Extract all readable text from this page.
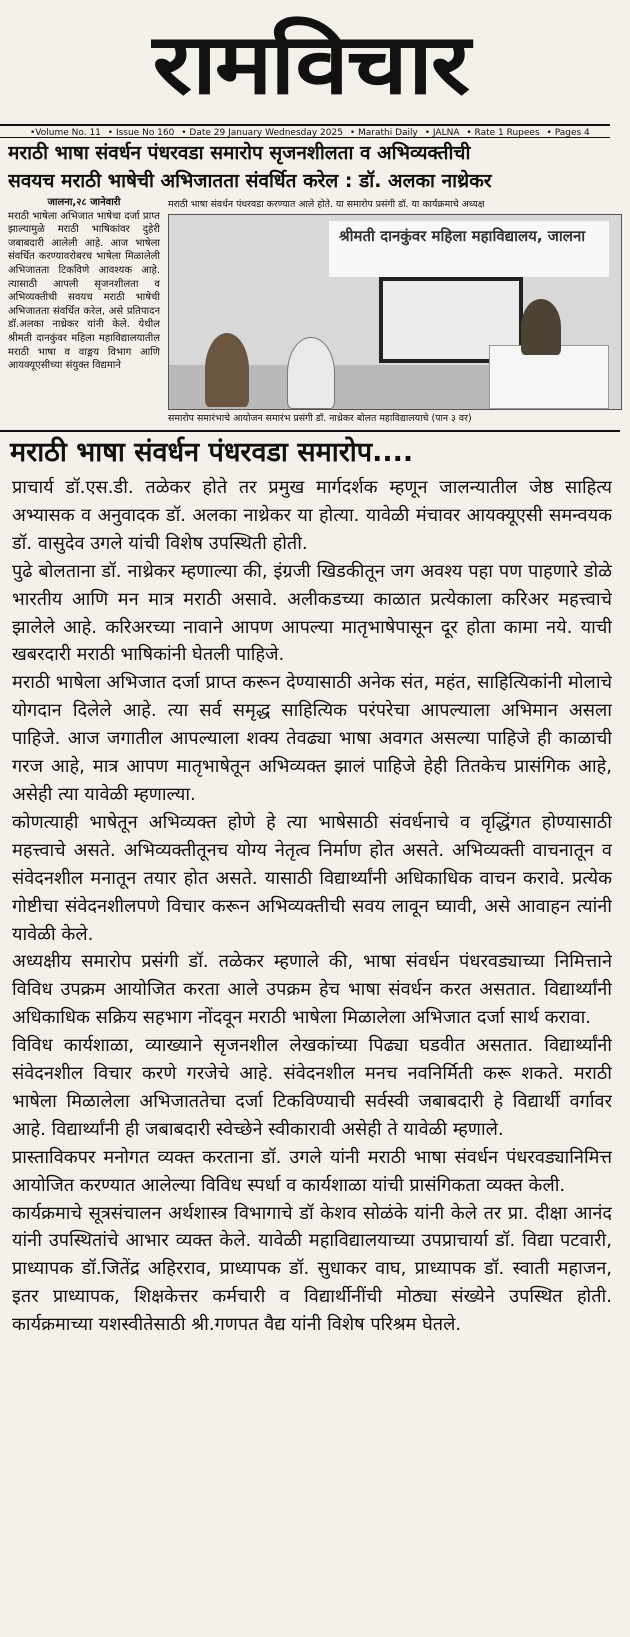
रामविचार
•Volume No. 11 • Issue No 160 • Date 29 January Wednesday 2025 • Marathi Daily • JALNA • Rate 1 Rupees • Pages 4
मराठी भाषा संवर्धन पंधरवडा समारोप सृजनशीलता व अभिव्यक्तीची
सवयच मराठी भाषेची अभिजातता संवर्धित करेल : डॉ. अलका नाथ्रेकर
जालना,२८ जानेवारी
मराठी भाषेला अभिजात भाषेचा दर्जा प्राप्त झाल्यामुळे मराठी भाषिकांवर दुहेरी जबाबदारी आलेली आहे. आज भाषेला संवर्धित करण्यावरोबरच भाषेला मिळालेली अभिजातता टिकविणे आवश्यक आहे. त्यासाठी आपली सृजनशीलता व अभिव्यक्तीची सवयच मराठी भाषेची अभिजातता संवर्धित करेल, असे प्रतिपादन डॉ.अलका नाथ्रेकर यांनी केले. येथील श्रीमती दानकुंवर महिला महाविद्यालयातील मराठी भाषा व वाङ्मय विभाग आणि आयक्यूएसीच्या संयुक्त विद्यमाने
मराठी भाषा संवर्धन पंधरवडा करण्यात आले होते. या समारोप प्रसंगी डॉ. या कार्यक्रमाचे अध्यक्ष
श्रीमती दानकुंवर महिला महाविद्यालय, जालना
समारोप समारंभाचे आयोजन समारंभ प्रसंगी डॉ. नाथ्रेकर बोलत महाविद्यालयाचे (पान ३ वर)
मराठी भाषा संवर्धन पंधरवडा समारोप....

प्राचार्य डॉ.एस.डी. तळेकर होते तर प्रमुख मार्गदर्शक म्हणून जालन्यातील जेष्ठ साहित्य अभ्यासक व अनुवादक डॉ. अलका नाथ्रेकर या होत्या. यावेळी मंचावर आयक्यूएसी समन्वयक डॉ. वासुदेव उगले यांची विशेष उपस्थिती होती.

पुढे बोलताना डॉ. नाथ्रेकर म्हणाल्या की, इंग्रजी खिडकीतून जग अवश्य पहा पण पाहणारे डोळे भारतीय आणि मन मात्र मराठी असावे. अलीकडच्या काळात प्रत्येकाला करिअर महत्त्वाचे झालेले आहे. करिअरच्या नावाने आपण आपल्या मातृभाषेपासून दूर होता कामा नये. याची खबरदारी मराठी भाषिकांनी घेतली पाहिजे.

मराठी भाषेला अभिजात दर्जा प्राप्त करून देण्यासाठी अनेक संत, महंत, साहित्यिकांनी मोलाचे योगदान दिलेले आहे. त्या सर्व समृद्ध साहित्यिक परंपरेचा आपल्याला अभिमान असला पाहिजे. आज जगातील आपल्याला शक्य तेवढ्या भाषा अवगत असल्या पाहिजे ही काळाची गरज आहे, मात्र आपण मातृभाषेतून अभिव्यक्त झालं पाहिजे हेही तितकेच प्रासंगिक आहे, असेही त्या यावेळी म्हणाल्या.

कोणत्याही भाषेतून अभिव्यक्त होणे हे त्या भाषेसाठी संवर्धनाचे व वृद्धिंगत होण्यासाठी महत्त्वाचे असते. अभिव्यक्तीतूनच योग्य नेतृत्व निर्माण होत असते. अभिव्यक्ती वाचनातून व संवेदनशील मनातून तयार होत असते. यासाठी विद्यार्थ्यांनी अधिकाधिक वाचन करावे. प्रत्येक गोष्टीचा संवेदनशीलपणे विचार करून अभिव्यक्तीची सवय लावून घ्यावी, असे आवाहन त्यांनी यावेळी केले.

अध्यक्षीय समारोप प्रसंगी डॉ. तळेकर म्हणाले की, भाषा संवर्धन पंधरवड्याच्या निमित्ताने विविध उपक्रम आयोजित करता आले उपक्रम हेच भाषा संवर्धन करत असतात. विद्यार्थ्यांनी अधिकाधिक सक्रिय सहभाग नोंदवून मराठी भाषेला मिळालेला अभिजात दर्जा सार्थ करावा.

विविध कार्यशाळा, व्याख्याने सृजनशील लेखकांच्या पिढ्या घडवीत असतात. विद्यार्थ्यांनी संवेदनशील विचार करणे गरजेचे आहे. संवेदनशील मनच नवनिर्मिती करू शकते. मराठी भाषेला मिळालेला अभिजाततेचा दर्जा टिकविण्याची सर्वस्वी जबाबदारी हे विद्यार्थी वर्गावर आहे. विद्यार्थ्यांनी ही जबाबदारी स्वेच्छेने स्वीकारावी असेही ते यावेळी म्हणाले.

प्रास्ताविकपर मनोगत व्यक्त करताना डॉ. उगले यांनी मराठी भाषा संवर्धन पंधरवड्यानिमित्त आयोजित करण्यात आलेल्या विविध स्पर्धा व कार्यशाळा यांची प्रासंगिकता व्यक्त केली.

कार्यक्रमाचे सूत्रसंचालन अर्थशास्त्र विभागाचे डॉ केशव सोळंके यांनी केले तर प्रा. दीक्षा आनंद यांनी उपस्थितांचे आभार व्यक्त केले. यावेळी महाविद्यालयाच्या उपप्राचार्या डॉ. विद्या पटवारी, प्राध्यापक डॉ.जितेंद्र अहिरराव, प्राध्यापक डॉ. सुधाकर वाघ, प्राध्यापक डॉ. स्वाती महाजन, इतर प्राध्यापक, शिक्षकेत्तर कर्मचारी व विद्यार्थीनींची मोठ्या संख्येने उपस्थित होती. कार्यक्रमाच्या यशस्वीतेसाठी श्री.गणपत वैद्य यांनी विशेष परिश्रम घेतले.
